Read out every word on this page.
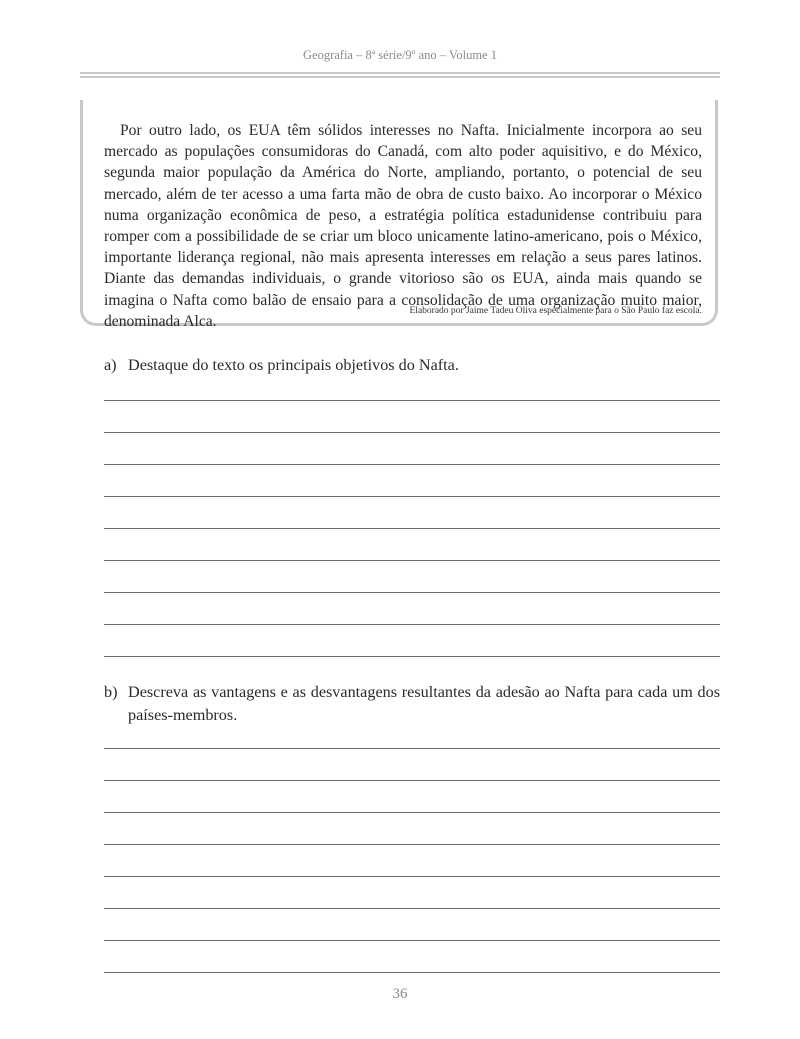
Geografia – 8ª série/9º ano – Volume 1

Por outro lado, os EUA têm sólidos interesses no Nafta. Inicialmente incorpora ao seu mercado as populações consumidoras do Canadá, com alto poder aquisitivo, e do México, segunda maior população da América do Norte, ampliando, portanto, o potencial de seu mercado, além de ter acesso a uma farta mão de obra de custo baixo. Ao incorporar o México numa organização econômica de peso, a estratégia política estadunidense contribuiu para romper com a possibilidade de se criar um bloco unicamente latino-americano, pois o México, importante liderança regional, não mais apresenta interesses em relação a seus pares latinos. Diante das demandas individuais, o grande vitorioso são os EUA, ainda mais quando se imagina o Nafta como balão de ensaio para a consolidação de uma organização muito maior, denominada Alca.

Elaborado por Jaime Tadeu Oliva especialmente para o São Paulo faz escola.
a) Destaque do texto os principais objetivos do Nafta.
b) Descreva as vantagens e as desvantagens resultantes da adesão ao Nafta para cada um dos países-membros.
36
